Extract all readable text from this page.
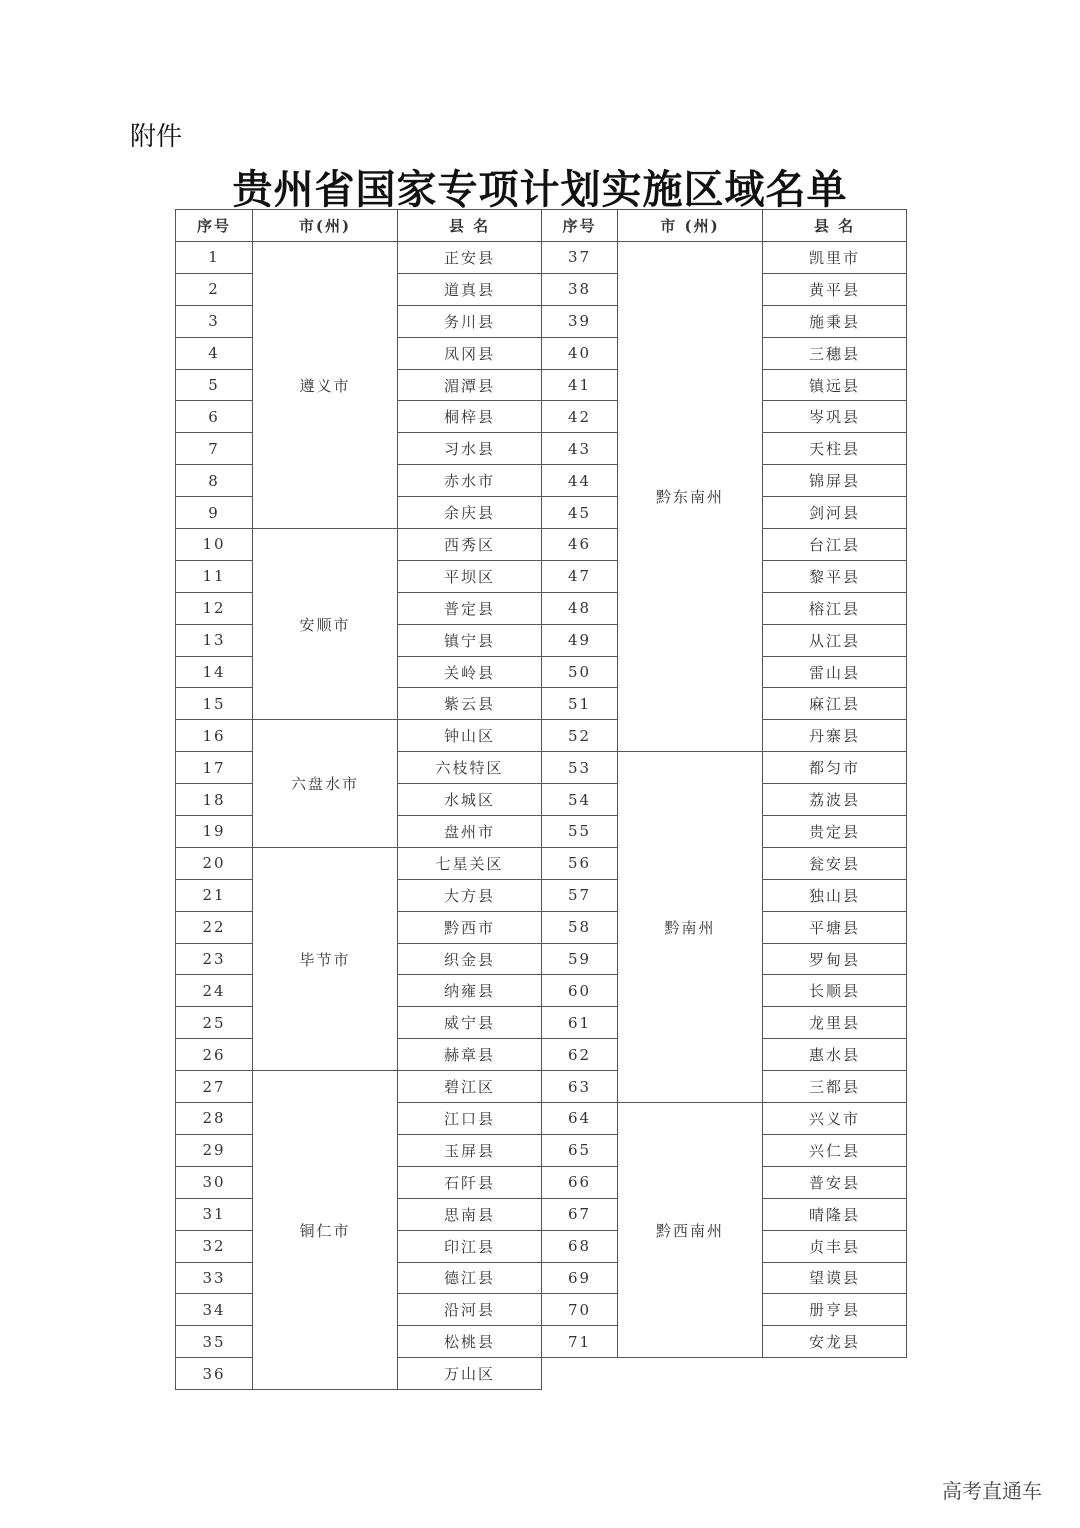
附件
贵州省国家专项计划实施区域名单
序号	市(州)	县 名
1	遵义市	正安县
2		道真县
3		务川县
4		凤冈县
5		湄潭县
6		桐梓县
7		习水县
8		赤水市
9		余庆县
10	安顺市	西秀区
11		平坝区
12		普定县
13		镇宁县
14		关岭县
15		紫云县
16	六盘水市	钟山区
17		六枝特区
18		水城区
19		盘州市
20	毕节市	七星关区
21		大方县
22		黔西市
23		织金县
24		纳雍县
25		威宁县
26		赫章县
27	铜仁市	碧江区
28		江口县
29		玉屏县
30		石阡县
31		思南县
32		印江县
33		德江县
34		沿河县
35		松桃县
36		万山区
序号	市 (州)	县 名
37	黔东南州	凯里市
38		黄平县
39		施秉县
40		三穗县
41		镇远县
42		岑巩县
43		天柱县
44		锦屏县
45		剑河县
46		台江县
47		黎平县
48		榕江县
49		从江县
50		雷山县
51		麻江县
52		丹寨县
53	黔南州	都匀市
54		荔波县
55		贵定县
56		瓮安县
57		独山县
58		平塘县
59		罗甸县
60		长顺县
61		龙里县
62		惠水县
63		三都县
64	黔西南州	兴义市
65		兴仁县
66		普安县
67		晴隆县
68		贞丰县
69		望谟县
70		册亨县
71		安龙县
高考直通车
